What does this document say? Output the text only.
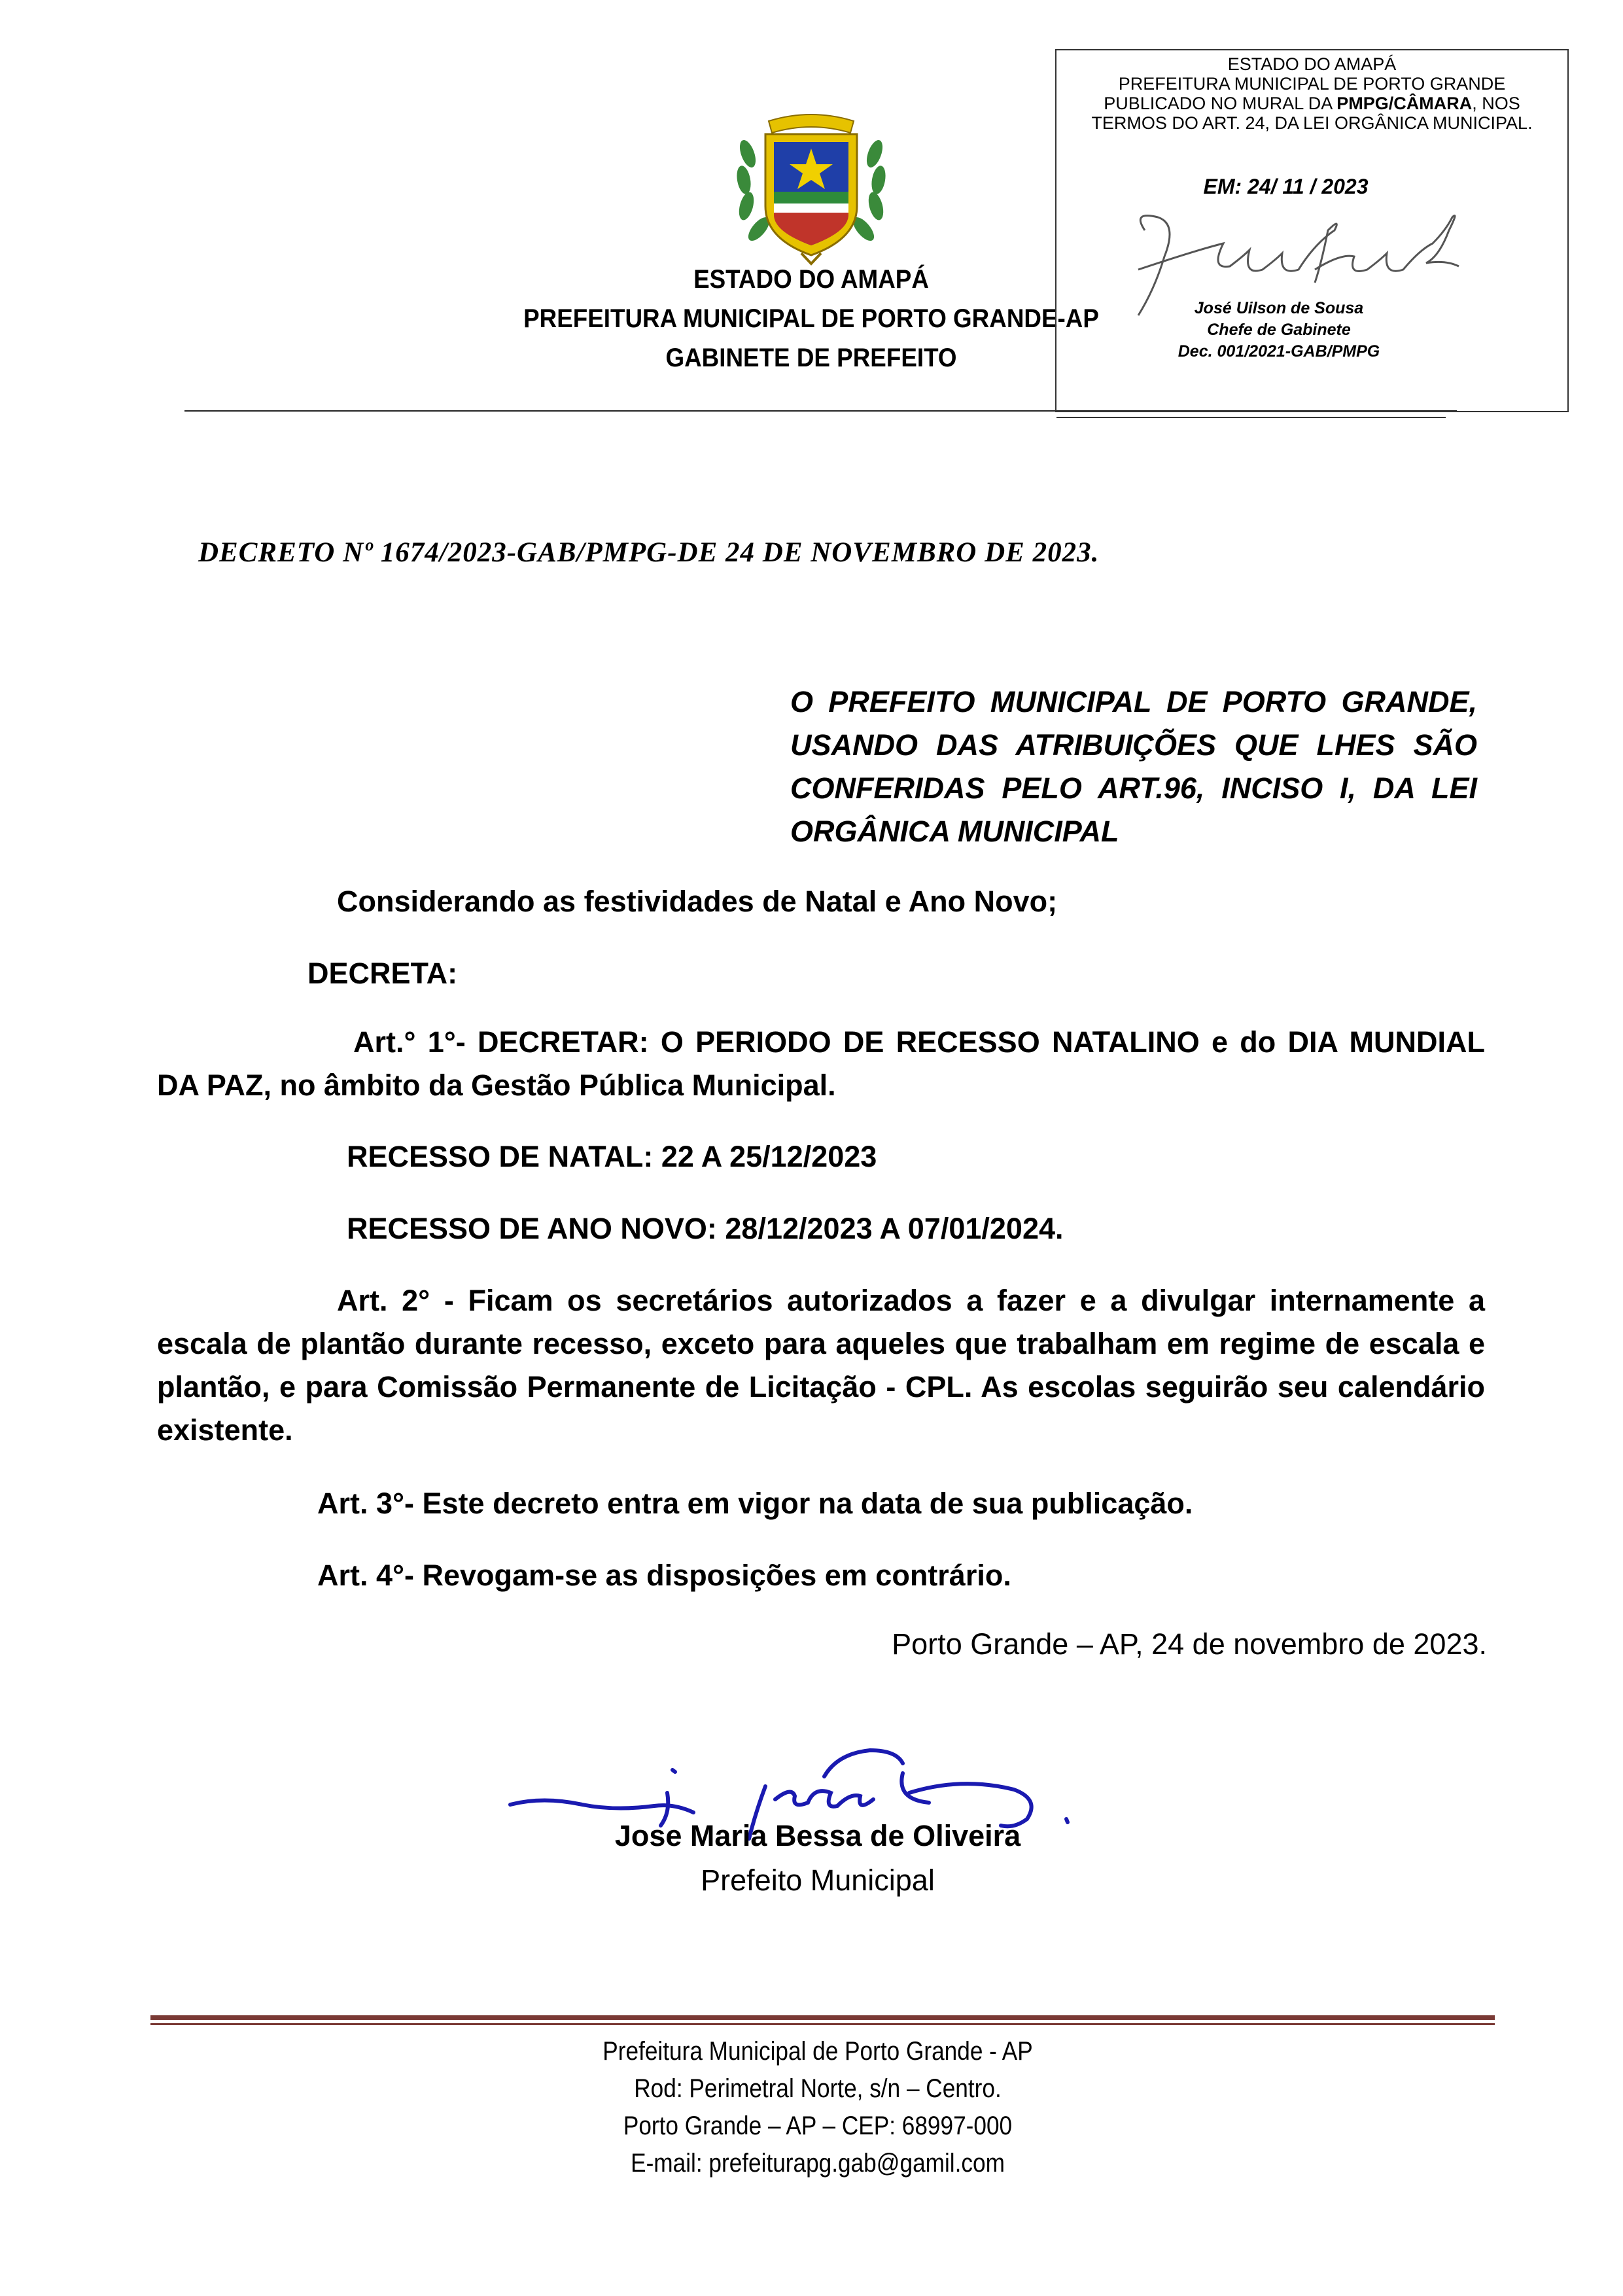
ESTADO DO AMAPÁ
PREFEITURA MUNICIPAL DE PORTO GRANDE-AP
GABINETE DE PREFEITO
ESTADO DO AMAPÁ
PREFEITURA MUNICIPAL DE PORTO GRANDE
PUBLICADO NO MURAL DA PMPG/CÂMARA, NOS
TERMOS DO ART. 24, DA LEI ORGÂNICA MUNICIPAL.
EM: 24/ 11 / 2023
José Uilson de Sousa
Chefe de Gabinete
Dec. 001/2021-GAB/PMPG
DECRETO Nº 1674/2023-GAB/PMPG-DE 24 DE NOVEMBRO DE 2023.
O PREFEITO MUNICIPAL DE PORTO GRANDE, USANDO DAS ATRIBUIÇÕES QUE LHES SÃO CONFERIDAS PELO ART.96, INCISO I, DA LEI ORGÂNICA MUNICIPAL
Considerando as festividades de Natal e Ano Novo;
DECRETA:
Art.° 1°- DECRETAR: O PERIODO DE RECESSO NATALINO e do DIA MUNDIAL DA PAZ, no âmbito da Gestão Pública Municipal.
RECESSO DE NATAL: 22 A 25/12/2023
RECESSO DE ANO NOVO: 28/12/2023 A 07/01/2024.
Art. 2° - Ficam os secretários autorizados a fazer e a divulgar internamente a escala de plantão durante recesso, exceto para aqueles que trabalham em regime de escala e plantão, e para Comissão Permanente de Licitação - CPL. As escolas seguirão seu calendário existente.
Art. 3°- Este decreto entra em vigor na data de sua publicação.
Art. 4°- Revogam-se as disposições em contrário.
Porto Grande – AP, 24 de novembro de 2023.
Jose Maria Bessa de Oliveira
Prefeito Municipal
Prefeitura Municipal de Porto Grande - AP
Rod: Perimetral Norte, s/n – Centro.
Porto Grande – AP – CEP: 68997-000
E-mail: prefeiturapg.gab@gamil.com
